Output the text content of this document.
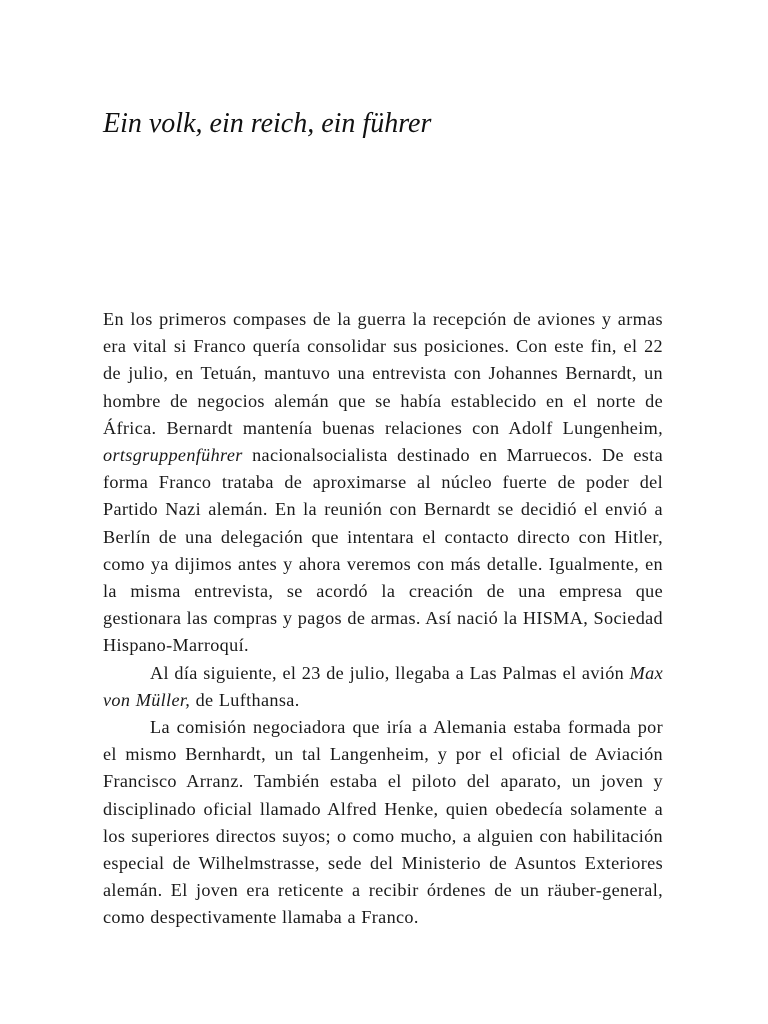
Ein volk, ein reich, ein führer

En los primeros compases de la guerra la recepción de aviones y armas era vital si Franco quería consolidar sus posiciones. Con este fin, el 22 de julio, en Tetuán, mantuvo una entrevista con Johannes Bernardt, un hombre de negocios alemán que se había establecido en el norte de África. Bernardt mantenía buenas relaciones con Adolf Lungenheim, ortsgruppenführer nacionalsocialista destinado en Marruecos. De esta forma Franco trataba de aproximarse al núcleo fuerte de poder del Partido Nazi alemán. En la reunión con Bernardt se decidió el envió a Berlín de una delegación que intentara el contacto directo con Hitler, como ya dijimos antes y ahora veremos con más detalle. Igualmente, en la misma entrevista, se acordó la creación de una empresa que gestionara las compras y pagos de armas. Así nació la HISMA, Sociedad Hispano-Marroquí.

Al día siguiente, el 23 de julio, llegaba a Las Palmas el avión Max von Müller, de Lufthansa.

La comisión negociadora que iría a Alemania estaba formada por el mismo Bernhardt, un tal Langenheim, y por el oficial de Aviación Francisco Arranz. También estaba el piloto del aparato, un joven y disciplinado oficial llamado Alfred Henke, quien obedecía solamente a los superiores directos suyos; o como mucho, a alguien con habilitación especial de Wilhelmstrasse, sede del Ministerio de Asuntos Exteriores alemán. El joven era reticente a recibir órdenes de un räuber-general, como despectivamente llamaba a Franco.
